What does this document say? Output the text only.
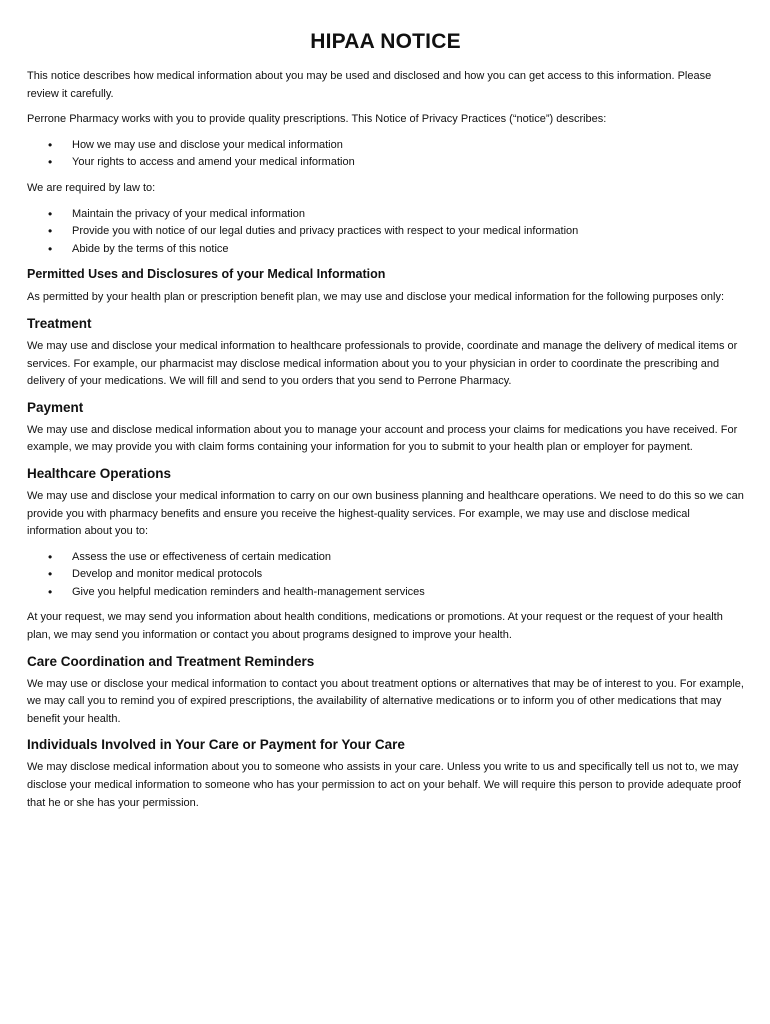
HIPAA NOTICE

This notice describes how medical information about you may be used and disclosed and how you can get access to this information. Please review it carefully.

Perrone Pharmacy works with you to provide quality prescriptions. This Notice of Privacy Practices (“notice”) describes:

• How we may use and disclose your medical information
• Your rights to access and amend your medical information

We are required by law to:

• Maintain the privacy of your medical information
• Provide you with notice of our legal duties and privacy practices with respect to your medical information
• Abide by the terms of this notice
Permitted Uses and Disclosures of your Medical Information

As permitted by your health plan or prescription benefit plan, we may use and disclose your medical information for the following purposes only:

Treatment

We may use and disclose your medical information to healthcare professionals to provide, coordinate and manage the delivery of medical items or services. For example, our pharmacist may disclose medical information about you to your physician in order to coordinate the prescribing and delivery of your medications. We will fill and send to you orders that you send to Perrone Pharmacy.

Payment

We may use and disclose medical information about you to manage your account and process your claims for medications you have received. For example, we may provide you with claim forms containing your information for you to submit to your health plan or employer for payment.

Healthcare Operations

We may use and disclose your medical information to carry on our own business planning and healthcare operations. We need to do this so we can provide you with pharmacy benefits and ensure you receive the highest-quality services. For example, we may use and disclose medical information about you to:

• Assess the use or effectiveness of certain medication
• Develop and monitor medical protocols
• Give you helpful medication reminders and health-management services

At your request, we may send you information about health conditions, medications or promotions. At your request or the request of your health plan, we may send you information or contact you about programs designed to improve your health.

Care Coordination and Treatment Reminders

We may use or disclose your medical information to contact you about treatment options or alternatives that may be of interest to you. For example, we may call you to remind you of expired prescriptions, the availability of alternative medications or to inform you of other medications that may benefit your health.

Individuals Involved in Your Care or Payment for Your Care

We may disclose medical information about you to someone who assists in your care. Unless you write to us and specifically tell us not to, we may disclose your medical information to someone who has your permission to act on your behalf. We will require this person to provide adequate proof that he or she has your permission.
